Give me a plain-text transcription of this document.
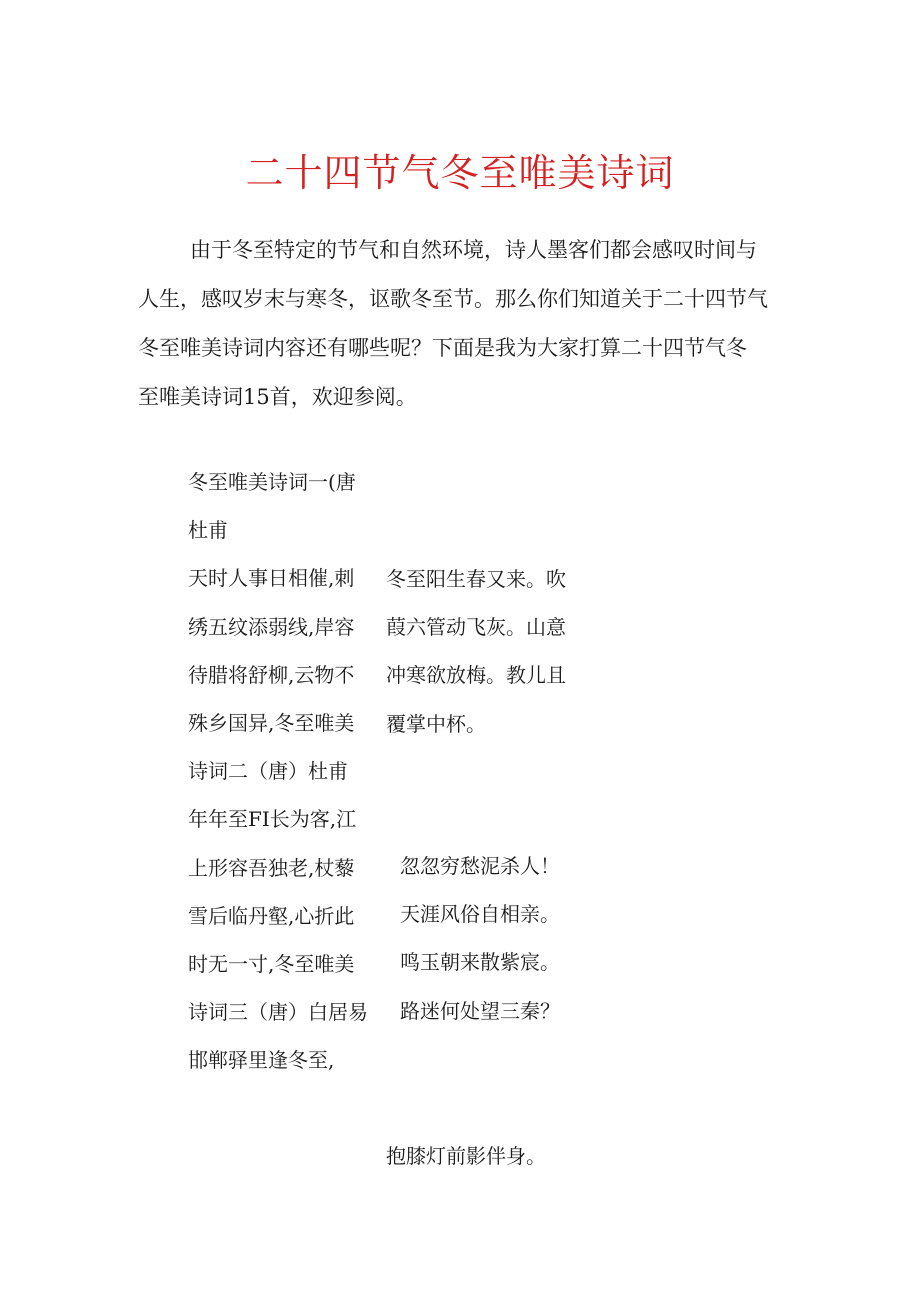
二十四节气冬至唯美诗词
由于冬至特定的节气和自然环境，诗人墨客们都会感叹时间与
人生，感叹岁末与寒冬，讴歌冬至节。那么你们知道关于二十四节气
冬至唯美诗词内容还有哪些呢？下面是我为大家打算二十四节气冬
至唯美诗词15首，欢迎参阅。
冬至唯美诗词一(唐
杜甫
天时人事日相催,刺
绣五纹添弱线,岸容
待腊将舒柳,云物不
殊乡国异,冬至唯美
诗词二（唐）杜甫
年年至FI长为客,江
上形容吾独老,杖藜
雪后临丹壑,心折此
时无一寸,冬至唯美
诗词三（唐）白居易
邯郸驿里逢冬至,
冬至阳生春又来。吹
葭六管动飞灰。山意
冲寒欲放梅。教儿且
覆掌中杯。
忽忽穷愁泥杀人！
天涯风俗自相亲。
鸣玉朝来散紫宸。
路迷何处望三秦？
抱膝灯前影伴身。
